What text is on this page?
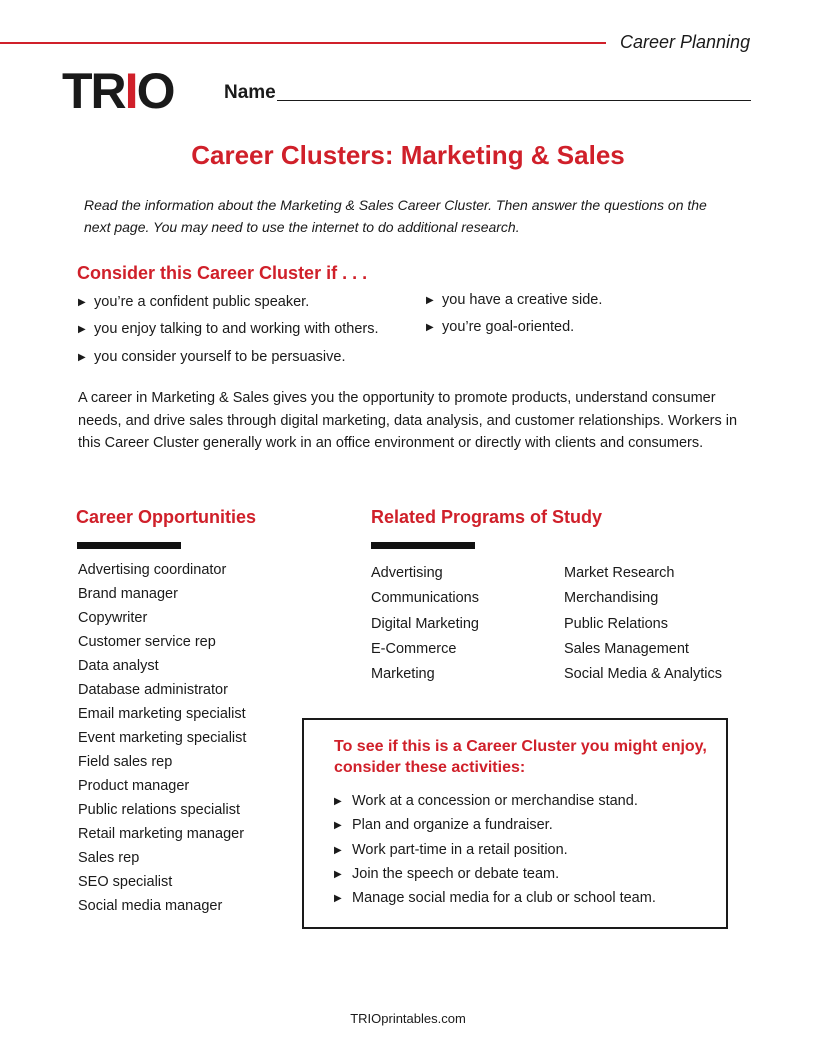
Career Planning
TRIO	Name
Career Clusters: Marketing & Sales
Read the information about the Marketing & Sales Career Cluster. Then answer the questions on the next page. You may need to use the internet to do additional research.
Consider this Career Cluster if . . .
▶ you’re a confident public speaker.
▶ you enjoy talking to and working with others.
▶ you consider yourself to be persuasive.
▶ you have a creative side.
▶ you’re goal-oriented.
A career in Marketing & Sales gives you the opportunity to promote products, understand consumer needs, and drive sales through digital marketing, data analysis, and customer relationships. Workers in this Career Cluster generally work in an office environment or directly with clients and consumers.
Career Opportunities
Advertising coordinator
Brand manager
Copywriter
Customer service rep
Data analyst
Database administrator
Email marketing specialist
Event marketing specialist
Field sales rep
Product manager
Public relations specialist
Retail marketing manager
Sales rep
SEO specialist
Social media manager
Related Programs of Study
Advertising
Communications
Digital Marketing
E-Commerce
Marketing
Market Research
Merchandising
Public Relations
Sales Management
Social Media & Analytics
To see if this is a Career Cluster you might enjoy, consider these activities:
▶ Work at a concession or merchandise stand.
▶ Plan and organize a fundraiser.
▶ Work part-time in a retail position.
▶ Join the speech or debate team.
▶ Manage social media for a club or school team.
TRIOprintables.com
